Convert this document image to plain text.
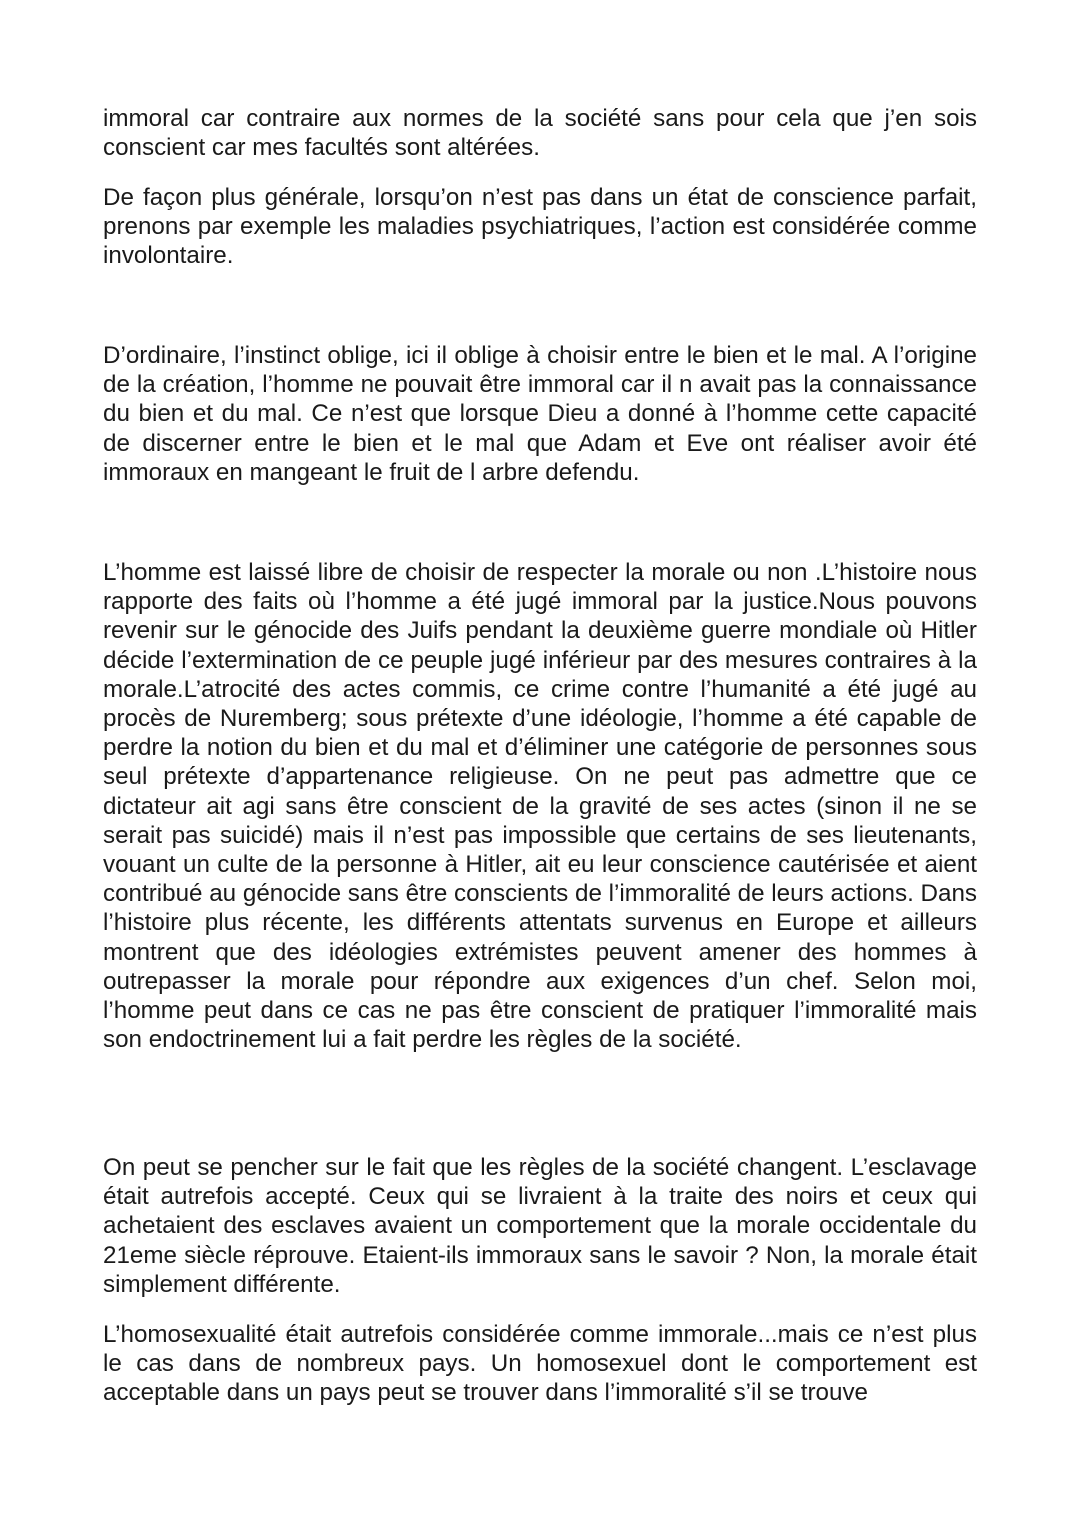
immoral car contraire aux normes de la société sans pour cela que j’en sois conscient car mes facultés sont altérées.

De façon plus générale, lorsqu’on n’est pas dans un état de conscience parfait, prenons par exemple les maladies psychiatriques, l’action est considérée comme involontaire.

D’ordinaire, l’instinct oblige, ici il oblige à choisir entre le bien et le mal. A l’origine de la création, l’homme ne pouvait être immoral car il n avait pas la connaissance du bien et du mal. Ce n’est que lorsque Dieu a donné à l’homme cette capacité de discerner entre le bien et le mal que Adam et Eve ont réaliser avoir été immoraux en mangeant le fruit de l arbre defendu.

L’homme est laissé libre de choisir de respecter la morale ou non .L’histoire nous rapporte des faits où l’homme a été jugé immoral par la justice.Nous pouvons revenir sur le génocide des Juifs pendant la deuxième guerre mondiale où Hitler décide l’extermination de ce peuple jugé inférieur par des mesures contraires à la morale.L’atrocité des actes commis, ce crime contre l’humanité a été jugé au procès de Nuremberg; sous prétexte d’une idéologie, l’homme a été capable de perdre la notion du bien et du mal et d’éliminer une catégorie de personnes sous seul prétexte d’appartenance religieuse. On ne peut pas admettre que ce dictateur ait agi sans être conscient de la gravité de ses actes (sinon il ne se serait pas suicidé) mais il n’est pas impossible que certains de ses lieutenants, vouant un culte de la personne à Hitler, ait eu leur conscience cautérisée et aient contribué au génocide sans être conscients de l’immoralité de leurs actions. Dans l’histoire plus récente, les différents attentats survenus en Europe et ailleurs montrent que des idéologies extrémistes peuvent amener des hommes à outrepasser la morale pour répondre aux exigences d’un chef. Selon moi, l’homme peut dans ce cas ne pas être conscient de pratiquer l’immoralité mais son endoctrinement lui a fait perdre les règles de la société.

On peut se pencher sur le fait que les règles de la société changent. L’esclavage était autrefois accepté. Ceux qui se livraient à la traite des noirs et ceux qui achetaient des esclaves avaient un comportement que la morale occidentale du 21eme siècle réprouve. Etaient-ils immoraux sans le savoir ? Non, la morale était simplement différente.

L’homosexualité était autrefois considérée comme immorale...mais ce n’est plus le cas dans de nombreux pays. Un homosexuel dont le comportement est acceptable dans un pays peut se trouver dans l’immoralité s’il se trouve
